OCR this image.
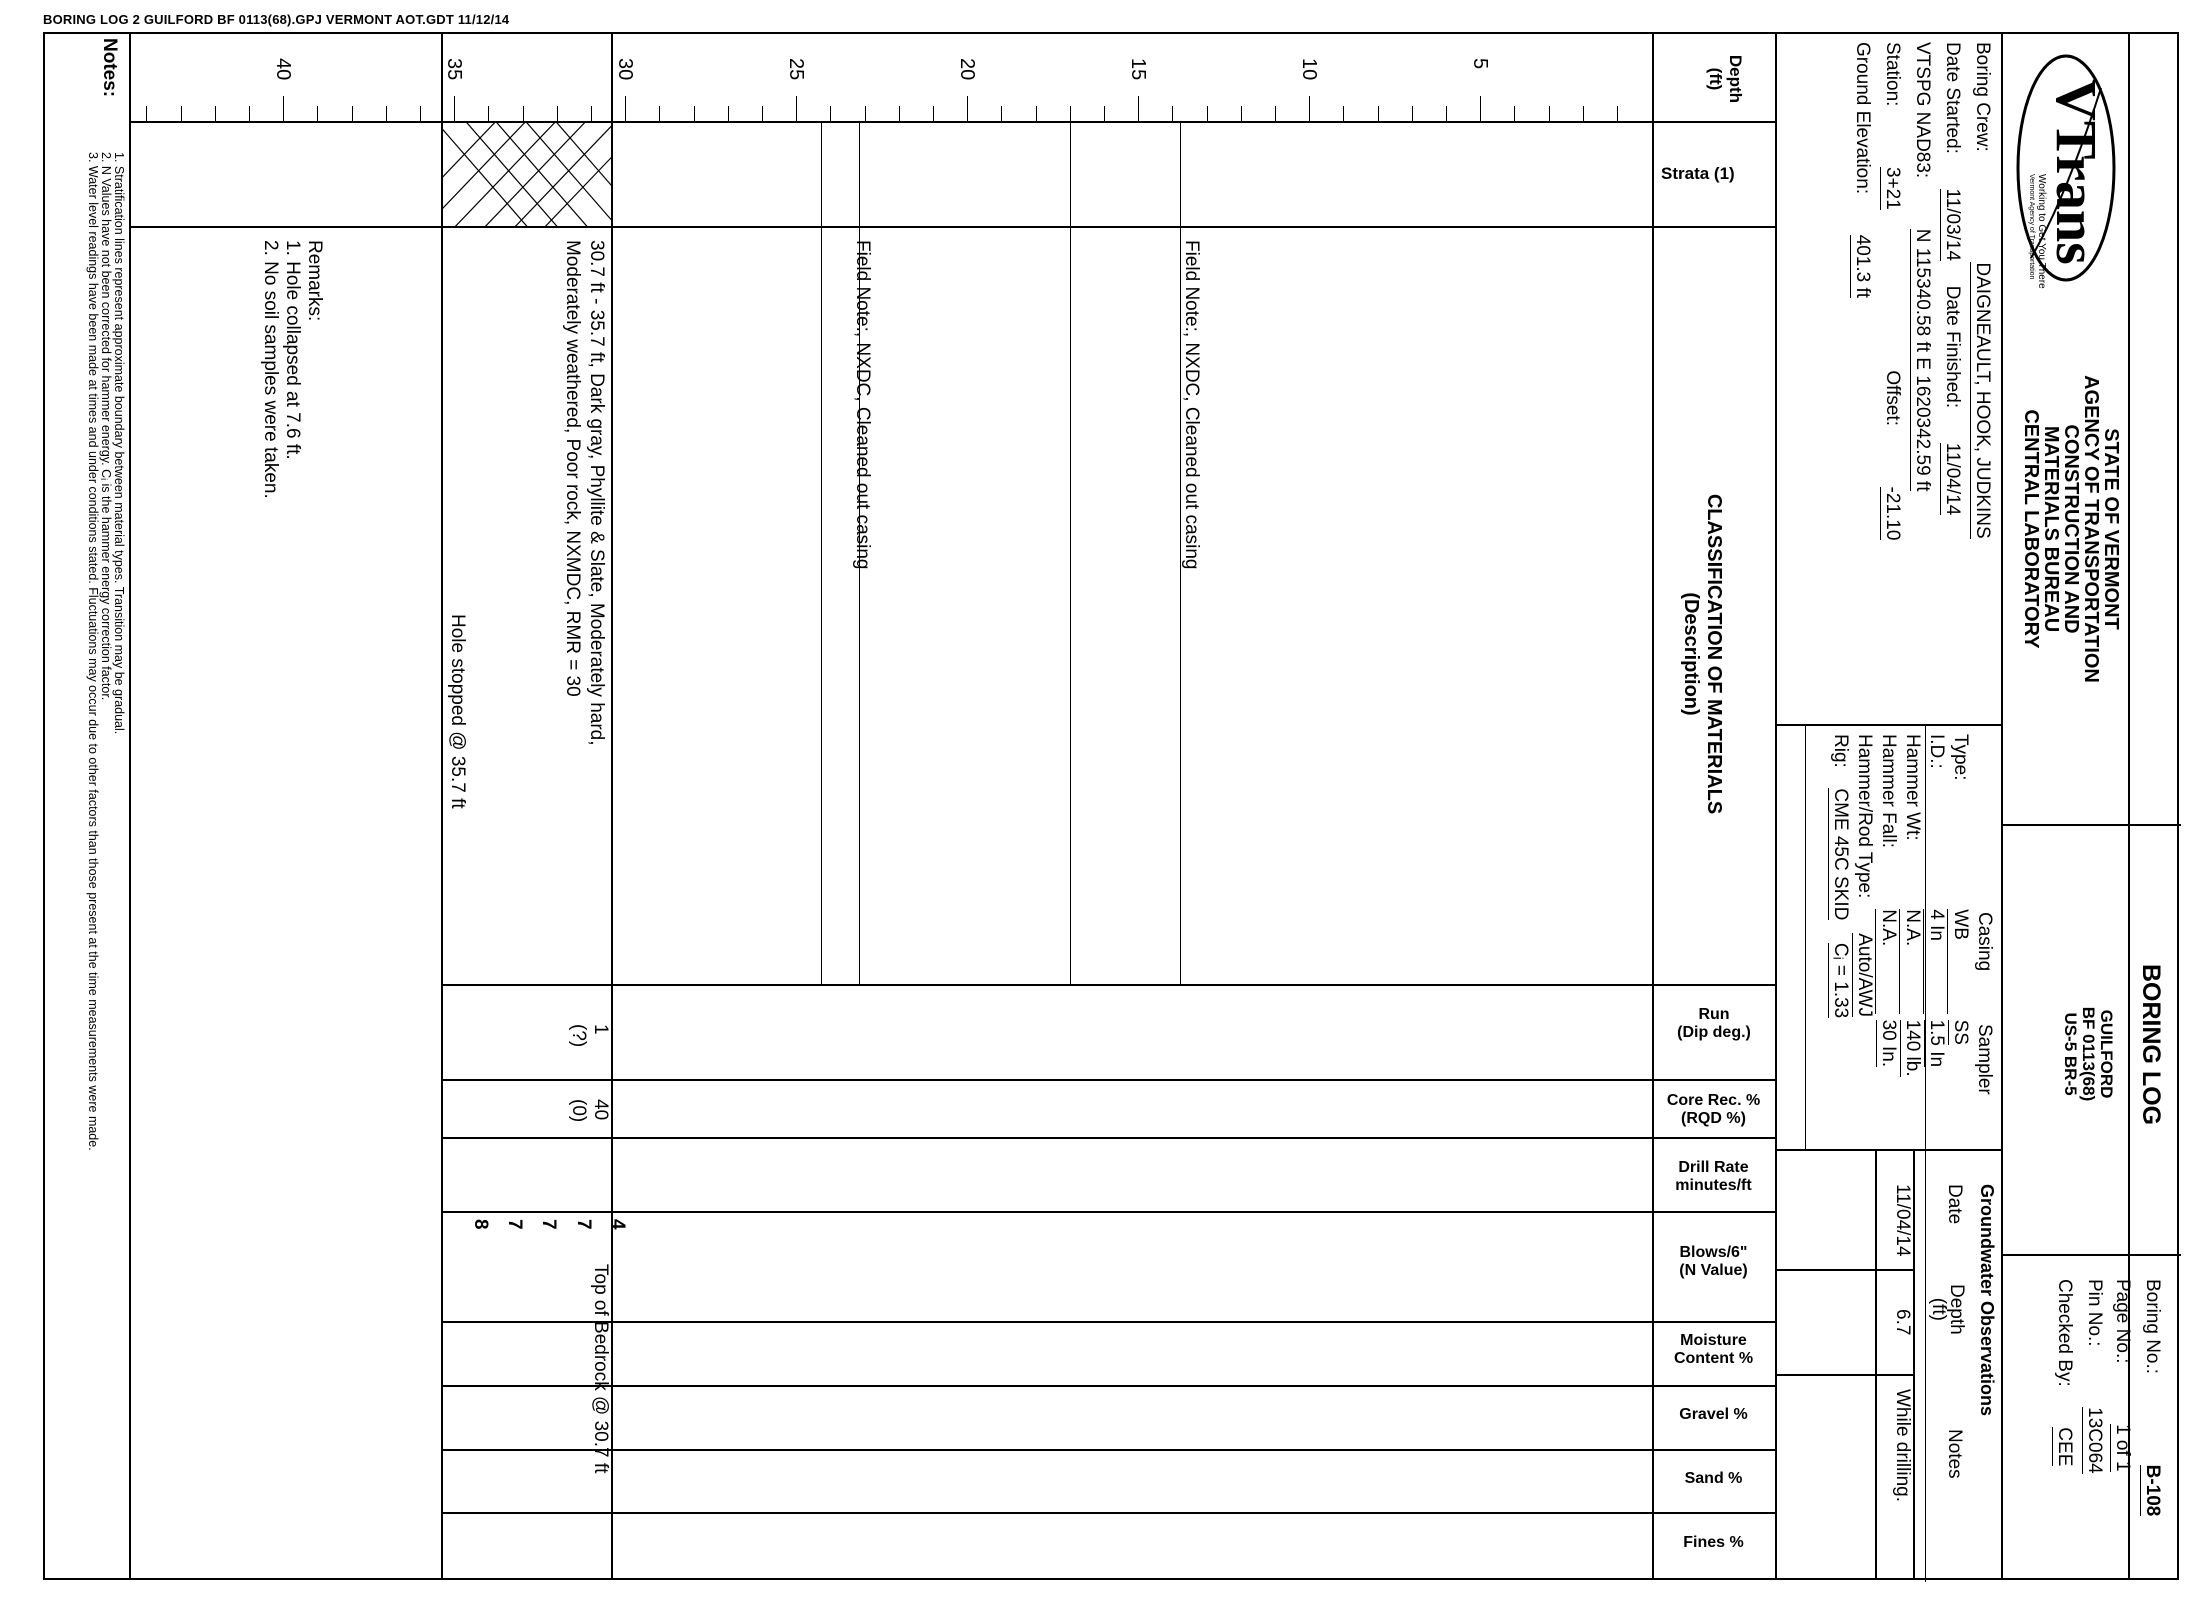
BORING LOG 2 GUILFORD BF 0113(68).GPJ VERMONT AOT.GDT 11/12/14
Depth
(ft)
Strata (1)
CLASSIFICATION OF MATERIALS
(Description)
Run
(Dip deg.)
Core Rec. %
(RQD %)
Drill Rate
minutes/ft
Blows/6"
(N Value)
Moisture
Content %
Gravel %
Sand %
Fines %
Field Note:, NXDC, Cleaned out casing
Field Note:, NXDC, Cleaned out casing
30.7 ft - 35.7 ft, Dark gray, Phyllite & Slate, Moderately hard,
Moderately weathered, Poor rock, NXMDC, RMR = 30
Hole stopped @ 35.7 ft
Remarks:
1. Hole collapsed at 7.6 ft.
2. No soil samples were taken.
Top of Bedrock @ 30.7 ft
1
(?)
40
(0)
Notes:
1. Stratification lines represent approximate boundary between material types. Transition may be gradual.
2. N Values have not been corrected for hammer energy. Cᵢ is the hammer energy correction factor.
3. Water level readings have been made at times and under conditions stated. Fluctuations may occur due to other factors than those present at the time measurements were made.	VTrans
Working to Get You There
Vermont Agency of Transportation
STATE OF VERMONT
AGENCY OF TRANSPORTATION
CONSTRUCTION AND
MATERIALS BUREAU
CENTRAL LABORATORY
BORING LOG
GUILFORD
BF 0113(68)
US-5 BR-5
Boring No.:  B-108
Page No.:  1 of 1
Pin No.:  13C064
Checked By:  CEE
Boring Crew:  DAIGNEAULT, HOOK, JUDKINS
Date Started:  11/03/14  Date Finished:  11/04/14
VTSPG NAD83:  N 115340.58 ft E 1620342.59 ft
Station:  3+21  Offset:  -21.10
Ground Elevation:  401.3 ft
Casing
Sampler
Type: WB SS
I.D.: 4 In 1.5 In
Hammer Wt: N.A. 140 lb.
Hammer Fall: N.A. 30 In.
Hammer/Rod Type: Auto/AWJ
Rig:  CME 45C SKID  Cᵢ = 1.33
Groundwater Observations
Date
Depth
(ft)
Notes
11/04/14
6.7
While drilling.
5
10
15
20
25
30
35
40
4
7
7
7
8
